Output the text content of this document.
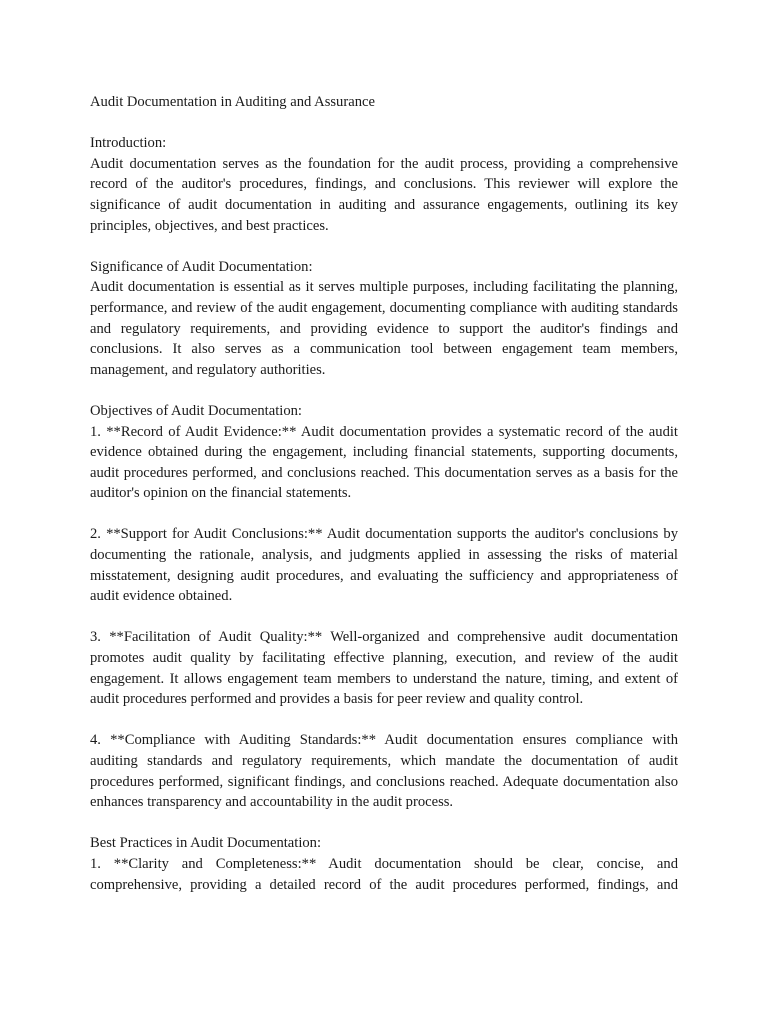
Audit Documentation in Auditing and Assurance
Introduction:

Audit documentation serves as the foundation for the audit process, providing a comprehensive record of the auditor's procedures, findings, and conclusions. This reviewer will explore the significance of audit documentation in auditing and assurance engagements, outlining its key principles, objectives, and best practices.

Significance of Audit Documentation:

Audit documentation is essential as it serves multiple purposes, including facilitating the planning, performance, and review of the audit engagement, documenting compliance with auditing standards and regulatory requirements, and providing evidence to support the auditor's findings and conclusions. It also serves as a communication tool between engagement team members, management, and regulatory authorities.

Objectives of Audit Documentation:

1. **Record of Audit Evidence:** Audit documentation provides a systematic record of the audit evidence obtained during the engagement, including financial statements, supporting documents, audit procedures performed, and conclusions reached. This documentation serves as a basis for the auditor's opinion on the financial statements.

2. **Support for Audit Conclusions:** Audit documentation supports the auditor's conclusions by documenting the rationale, analysis, and judgments applied in assessing the risks of material misstatement, designing audit procedures, and evaluating the sufficiency and appropriateness of audit evidence obtained.

3. **Facilitation of Audit Quality:** Well-organized and comprehensive audit documentation promotes audit quality by facilitating effective planning, execution, and review of the audit engagement. It allows engagement team members to understand the nature, timing, and extent of audit procedures performed and provides a basis for peer review and quality control.

4. **Compliance with Auditing Standards:** Audit documentation ensures compliance with auditing standards and regulatory requirements, which mandate the documentation of audit procedures performed, significant findings, and conclusions reached. Adequate documentation also enhances transparency and accountability in the audit process.

Best Practices in Audit Documentation:

1. **Clarity and Completeness:** Audit documentation should be clear, concise, and comprehensive, providing a detailed record of the audit procedures performed, findings, and
